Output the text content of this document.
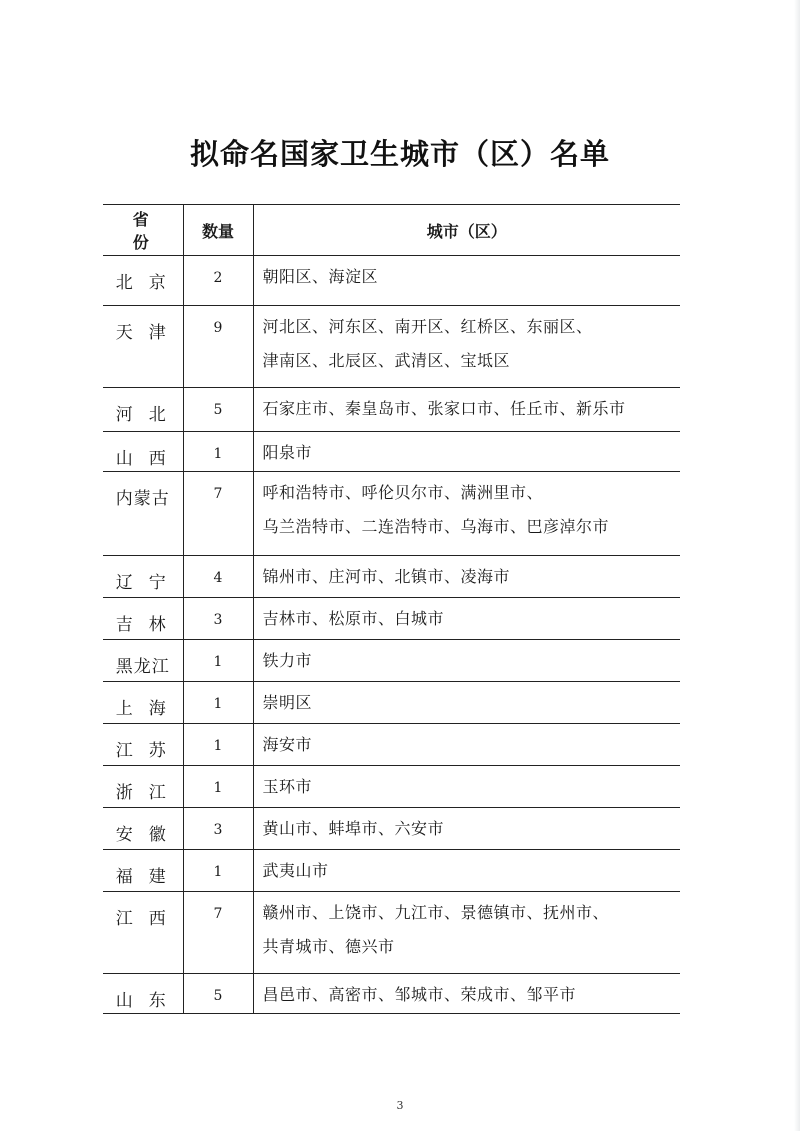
拟命名国家卫生城市（区）名单
省份	数量	城市（区）
北京	2	朝阳区、海淀区
天津	9	河北区、河东区、南开区、红桥区、东丽区、
津南区、北辰区、武清区、宝坻区
河北	5	石家庄市、秦皇岛市、张家口市、任丘市、新乐市
山西	1	阳泉市
内蒙古	7	呼和浩特市、呼伦贝尔市、满洲里市、
乌兰浩特市、二连浩特市、乌海市、巴彦淖尔市
辽宁	4	锦州市、庄河市、北镇市、凌海市
吉林	3	吉林市、松原市、白城市
黑龙江	1	铁力市
上海	1	崇明区
江苏	1	海安市
浙江	1	玉环市
安徽	3	黄山市、蚌埠市、六安市
福建	1	武夷山市
江西	7	赣州市、上饶市、九江市、景德镇市、抚州市、
共青城市、德兴市
山东	5	昌邑市、高密市、邹城市、荣成市、邹平市
3
